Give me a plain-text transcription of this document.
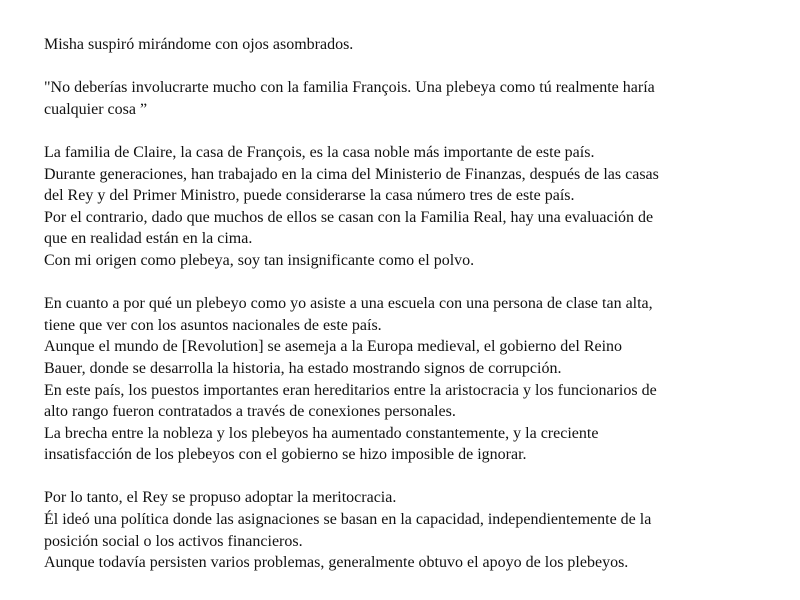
Misha suspiró mirándome con ojos asombrados.

"No deberías involucrarte mucho con la familia François. Una plebeya como tú realmente haría
cualquier cosa ”

La familia de Claire, la casa de François, es la casa noble más importante de este país.
Durante generaciones, han trabajado en la cima del Ministerio de Finanzas, después de las casas
del Rey y del Primer Ministro, puede considerarse la casa número tres de este país.
Por el contrario, dado que muchos de ellos se casan con la Familia Real, hay una evaluación de
que en realidad están en la cima.
Con mi origen como plebeya, soy tan insignificante como el polvo.

En cuanto a por qué un plebeyo como yo asiste a una escuela con una persona de clase tan alta,
tiene que ver con los asuntos nacionales de este país.
Aunque el mundo de [Revolution] se asemeja a la Europa medieval, el gobierno del Reino
Bauer, donde se desarrolla la historia, ha estado mostrando signos de corrupción.
En este país, los puestos importantes eran hereditarios entre la aristocracia y los funcionarios de
alto rango fueron contratados a través de conexiones personales.
La brecha entre la nobleza y los plebeyos ha aumentado constantemente, y la creciente
insatisfacción de los plebeyos con el gobierno se hizo imposible de ignorar.

Por lo tanto, el Rey se propuso adoptar la meritocracia.
Él ideó una política donde las asignaciones se basan en la capacidad, independientemente de la
posición social o los activos financieros.
Aunque todavía persisten varios problemas, generalmente obtuvo el apoyo de los plebeyos.
